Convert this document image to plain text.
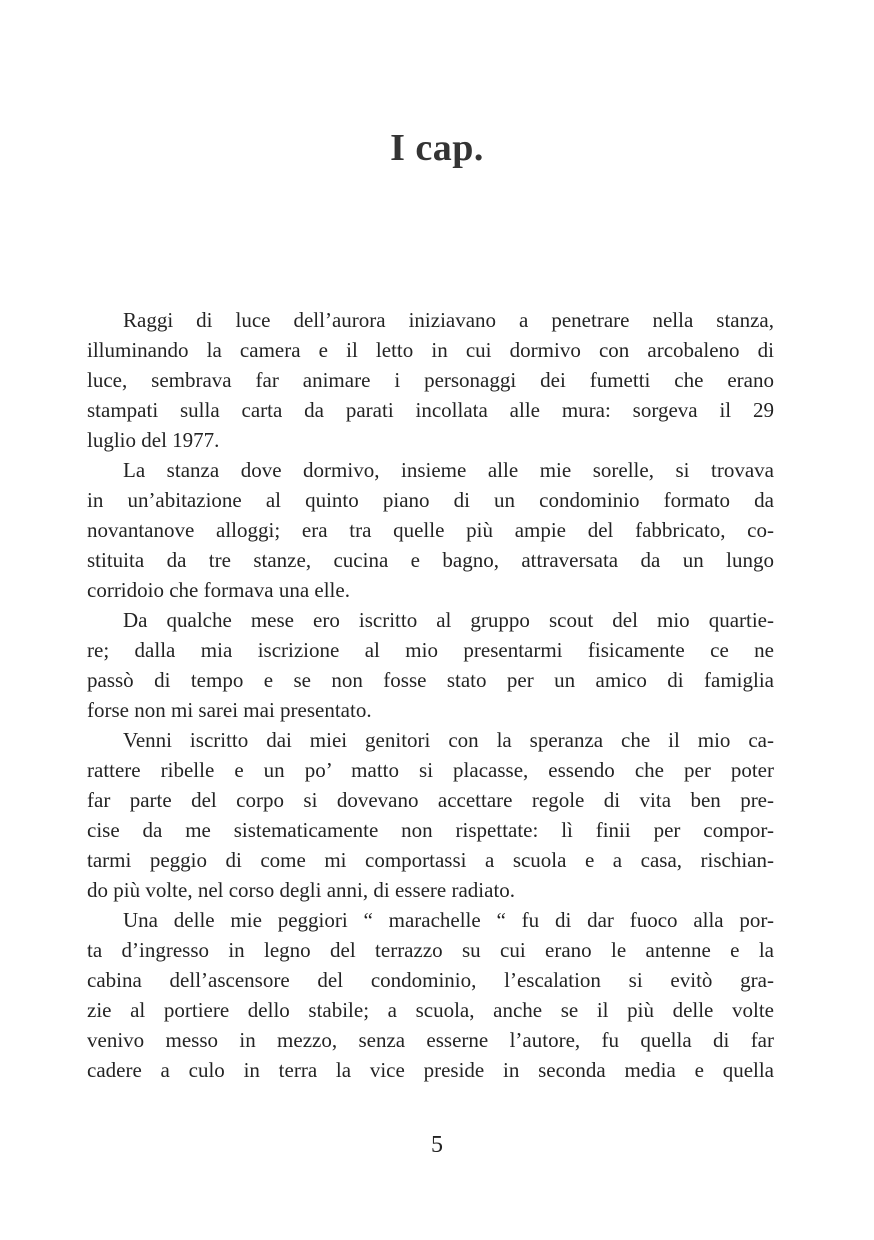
I cap.
Raggi di luce dell’aurora iniziavano a penetrare nella stanza,
illuminando la camera e il letto in cui dormivo con arcobaleno di
luce, sembrava far animare i personaggi dei fumetti che erano
stampati sulla carta da parati incollata alle mura: sorgeva il 29
luglio del 1977.
La stanza dove dormivo, insieme alle mie sorelle, si trovava
in un’abitazione al quinto piano di un condominio formato da
novantanove alloggi; era tra quelle più ampie del fabbricato, co-
stituita da tre stanze, cucina e bagno, attraversata da un lungo
corridoio che formava una elle.
Da qualche mese ero iscritto al gruppo scout del mio quartie-
re; dalla mia iscrizione al mio presentarmi fisicamente ce ne
passò di tempo e se non fosse stato per un amico di famiglia
forse non mi sarei mai presentato.
Venni iscritto dai miei genitori con la speranza che il mio ca-
rattere ribelle e un po’ matto si placasse, essendo che per poter
far parte del corpo si dovevano accettare regole di vita ben pre-
cise da me sistematicamente non rispettate: lì finii per compor-
tarmi peggio di come mi comportassi a scuola e a casa, rischian-
do più volte, nel corso degli anni, di essere radiato.
Una delle mie peggiori “ marachelle “ fu di dar fuoco alla por-
ta d’ingresso in legno del terrazzo su cui erano le antenne e la
cabina dell’ascensore del condominio, l’escalation si evitò gra-
zie al portiere dello stabile; a scuola, anche se il più delle volte
venivo messo in mezzo, senza esserne l’autore, fu quella di far
cadere a culo in terra la vice preside in seconda media e quella
5
